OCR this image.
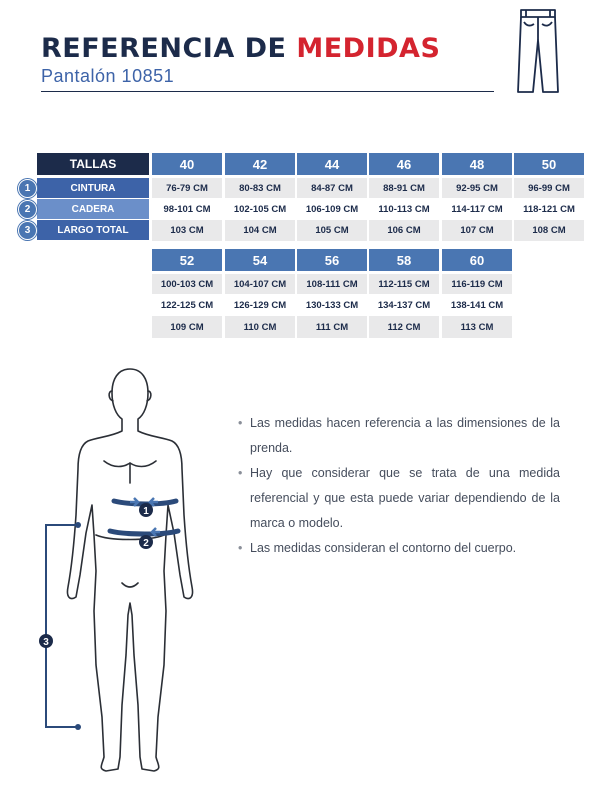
REFERENCIA DE MEDIDAS
Pantalón 10851
TALLAS
CINTURA
1
CADERA
2
LARGO TOTAL
3
40
76-79 CM
98-101 CM
103 CM
42
80-83 CM
102-105 CM
104 CM
44
84-87 CM
106-109 CM
105 CM
46
88-91 CM
110-113 CM
106 CM
48
92-95 CM
114-117 CM
107 CM
50
96-99 CM
118-121 CM
108 CM
52
100-103 CM
122-125 CM
109 CM
54
104-107 CM
126-129 CM
110 CM
56
108-111 CM
130-133 CM
111 CM
58
112-115 CM
134-137 CM
112 CM
60
116-119 CM
138-141 CM
113 CM
1
2
3
• Las medidas hacen referencia a las dimensiones de la prenda.
• Hay que considerar que se trata de una medida referencial y que esta puede variar dependiendo de la marca o modelo.
• Las medidas consideran el contorno del cuerpo.
